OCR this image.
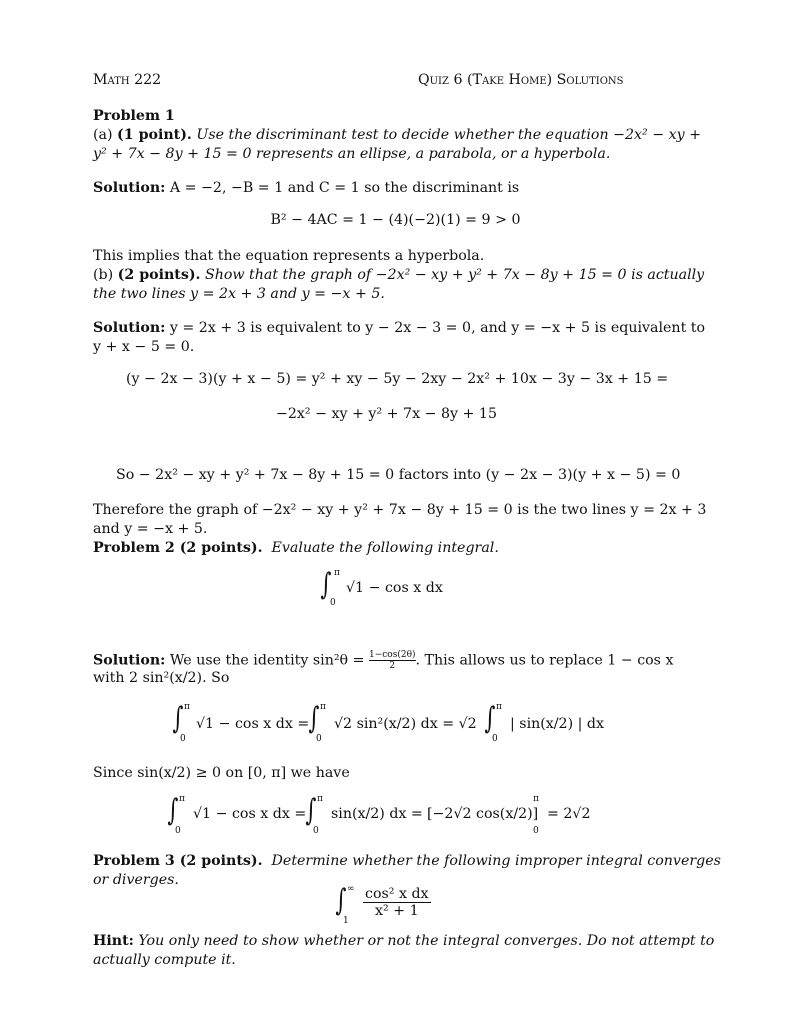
Math 222	Quiz 6 (Take Home) Solutions
Problem 1
(a) (1 point). Use the discriminant test to decide whether the equation −2x² − xy +
y² + 7x − 8y + 15 = 0 represents an ellipse, a parabola, or a hyperbola.
Solution: A = −2, −B = 1 and C = 1 so the discriminant is
B² − 4AC = 1 − (4)(−2)(1) = 9 > 0
This implies that the equation represents a hyperbola.
(b) (2 points). Show that the graph of −2x² − xy + y² + 7x − 8y + 15 = 0 is actually
the two lines y = 2x + 3 and y = −x + 5.
Solution: y = 2x + 3 is equivalent to y − 2x − 3 = 0, and y = −x + 5 is equivalent to
y + x − 5 = 0.
(y − 2x − 3)(y + x − 5) = y² + xy − 5y − 2xy − 2x² + 10x − 3y − 3x + 15 =
−2x² − xy + y² + 7x − 8y + 15
So − 2x² − xy + y² + 7x − 8y + 15 = 0 factors into (y − 2x − 3)(y + x − 5) = 0
Therefore the graph of −2x² − xy + y² + 7x − 8y + 15 = 0 is the two lines y = 2x + 3
and y = −x + 5.
Problem 2 (2 points). Evaluate the following integral.
∫ π
0
√1 − cos x dx
Solution: We use the identity $\sin^2\theta = \frac{1-\cos(2\theta)}{2}$ . This allows us to replace 1 − cos x
with 2 sin²(x/2). So
∫ π
0
√1 − cos x dx = ∫ π
0
√2 sin²(x/2) dx = √2 ∫ π
0
| sin(x/2) | dx
Since sin(x/2) ≥ 0 on [0, π] we have
∫ π
0
√1 − cos x dx = ∫ π
0
sin(x/2) dx = [−2√2 cos(x/2)]
π
0
= 2√2
Problem 3 (2 points). Determine whether the following improper integral converges
or diverges.
∫ ∞
1
$\frac{\text{cos² x dx}}{\text{x² + 1}}$
Hint: You only need to show whether or not the integral converges. Do not attempt to
actually compute it.
